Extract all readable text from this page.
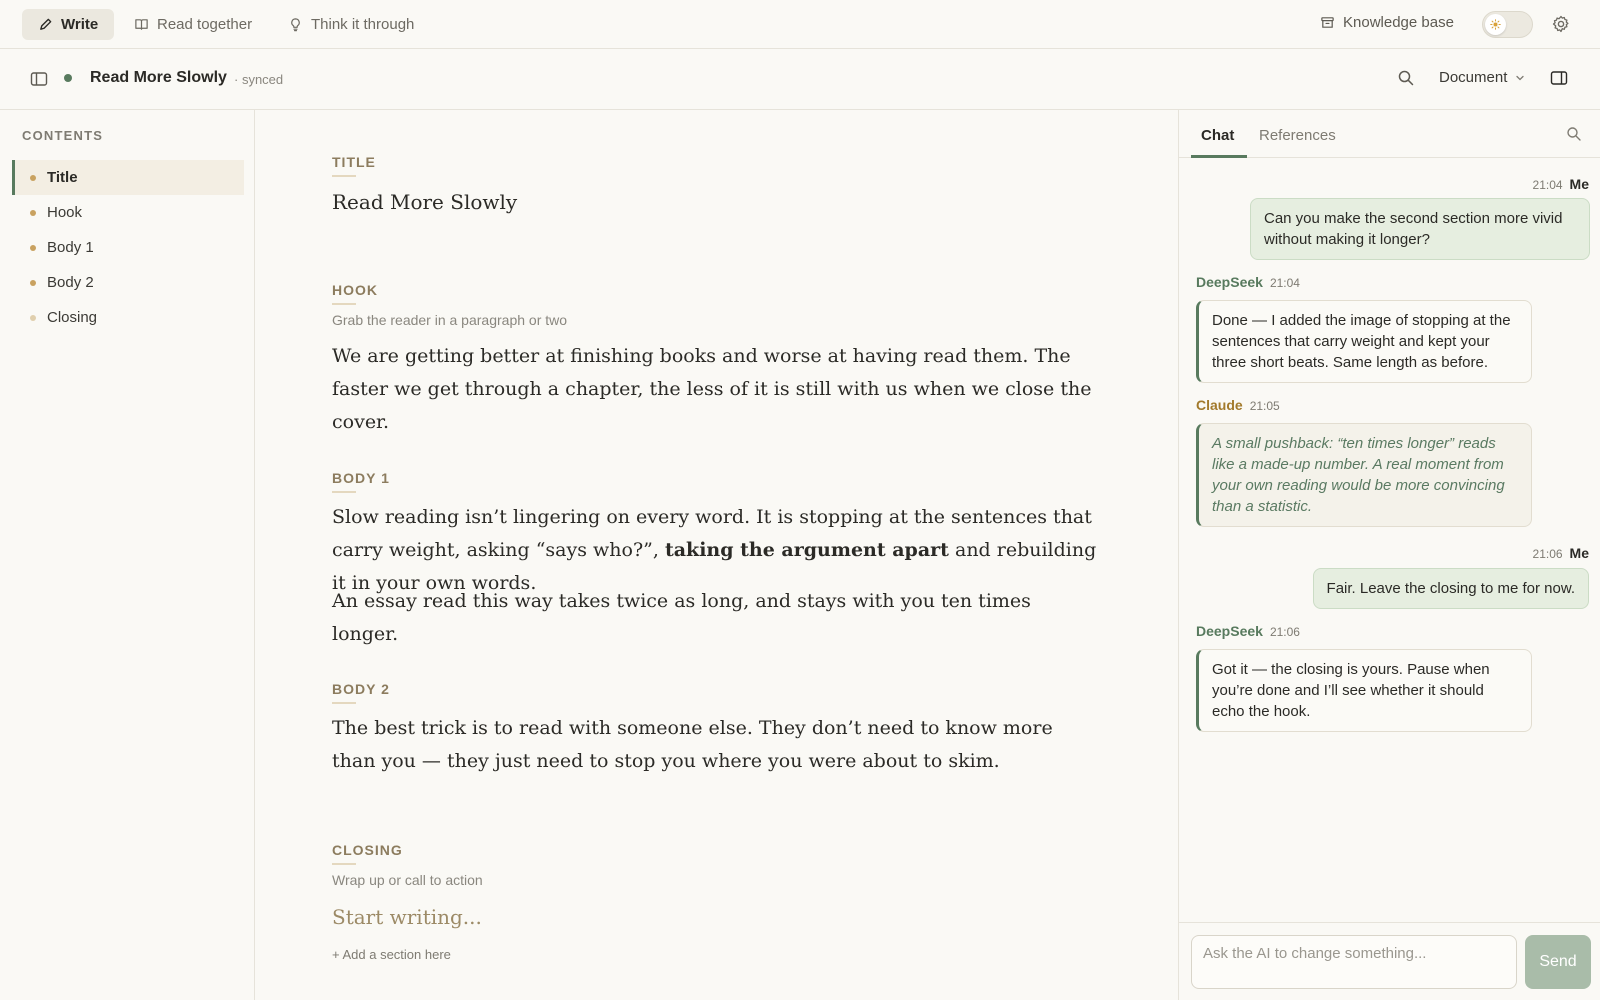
Write	Read together	Think it through	Knowledge base
Read More Slowly · synced	Document
CONTENTS
Title
Hook
Body 1
Body 2
Closing
TITLE
Read More Slowly
HOOK
Grab the reader in a paragraph or two
We are getting better at finishing books and worse at having read them. The faster we get through a chapter, the less of it is still with us when we close the cover.
BODY 1
Slow reading isn’t lingering on every word. It is stopping at the sentences that carry weight, asking “says who?”, taking the argument apart and rebuilding it in your own words.
An essay read this way takes twice as long, and stays with you ten times longer.
BODY 2
The best trick is to read with someone else. They don’t need to know more than you — they just need to stop you where you were about to skim.
CLOSING
Wrap up or call to action
Start writing...
+ Add a section here
Chat References
21:04 Me
Can you make the second section more vivid without making it longer?
DeepSeek 21:04
Done — I added the image of stopping at the sentences that carry weight and kept your three short beats. Same length as before.
Claude 21:05
A small pushback: “ten times longer” reads like a made-up number. A real moment from your own reading would be more convincing than a statistic.
21:06 Me
Fair. Leave the closing to me for now.
DeepSeek 21:06
Got it — the closing is yours. Pause when you’re done and I’ll see whether it should echo the hook.
Ask the AI to change something...
Send
